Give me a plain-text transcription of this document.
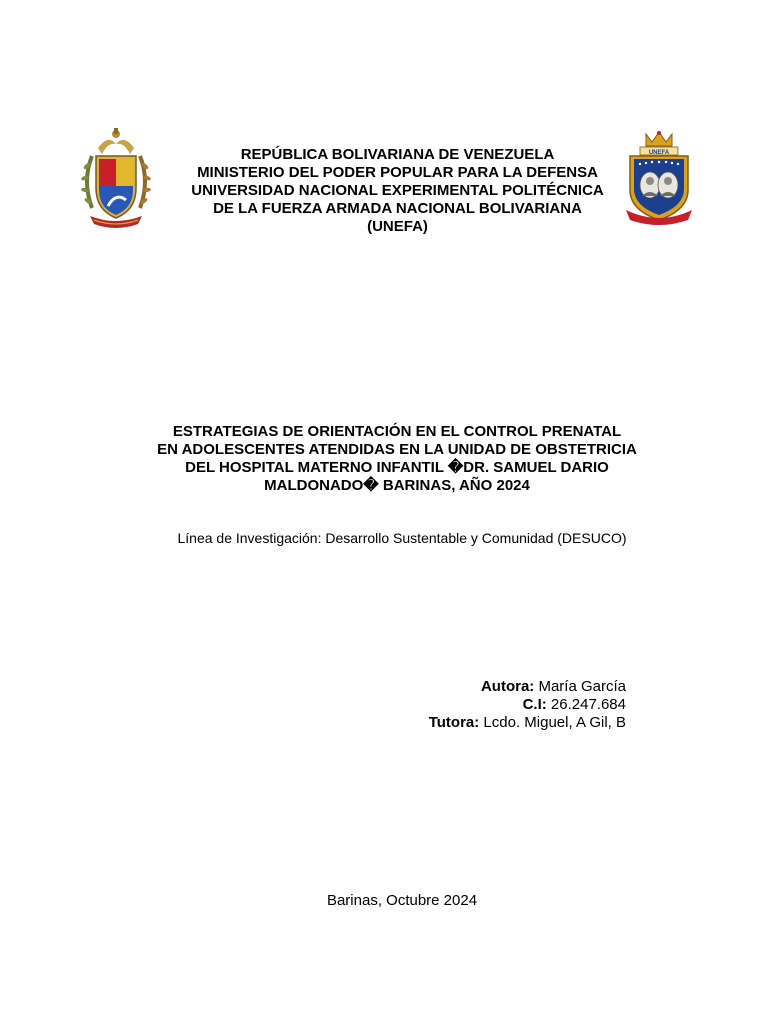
UNEFA
REPÚBLICA BOLIVARIANA DE VENEZUELA
MINISTERIO DEL PODER POPULAR PARA LA DEFENSA
UNIVERSIDAD NACIONAL EXPERIMENTAL POLITÉCNICA
DE LA FUERZA ARMADA NACIONAL BOLIVARIANA
(UNEFA)
ESTRATEGIAS DE ORIENTACIÓN EN EL CONTROL PRENATAL
EN ADOLESCENTES ATENDIDAS EN LA UNIDAD DE OBSTETRICIA
DEL HOSPITAL MATERNO INFANTIL �DR. SAMUEL DARIO
MALDONADO� BARINAS, AÑO 2024
Línea de Investigación: Desarrollo Sustentable y Comunidad (DESUCO)
Autora: María García
C.I: 26.247.684
Tutora: Lcdo. Miguel, A Gil, B
Barinas, Octubre 2024
